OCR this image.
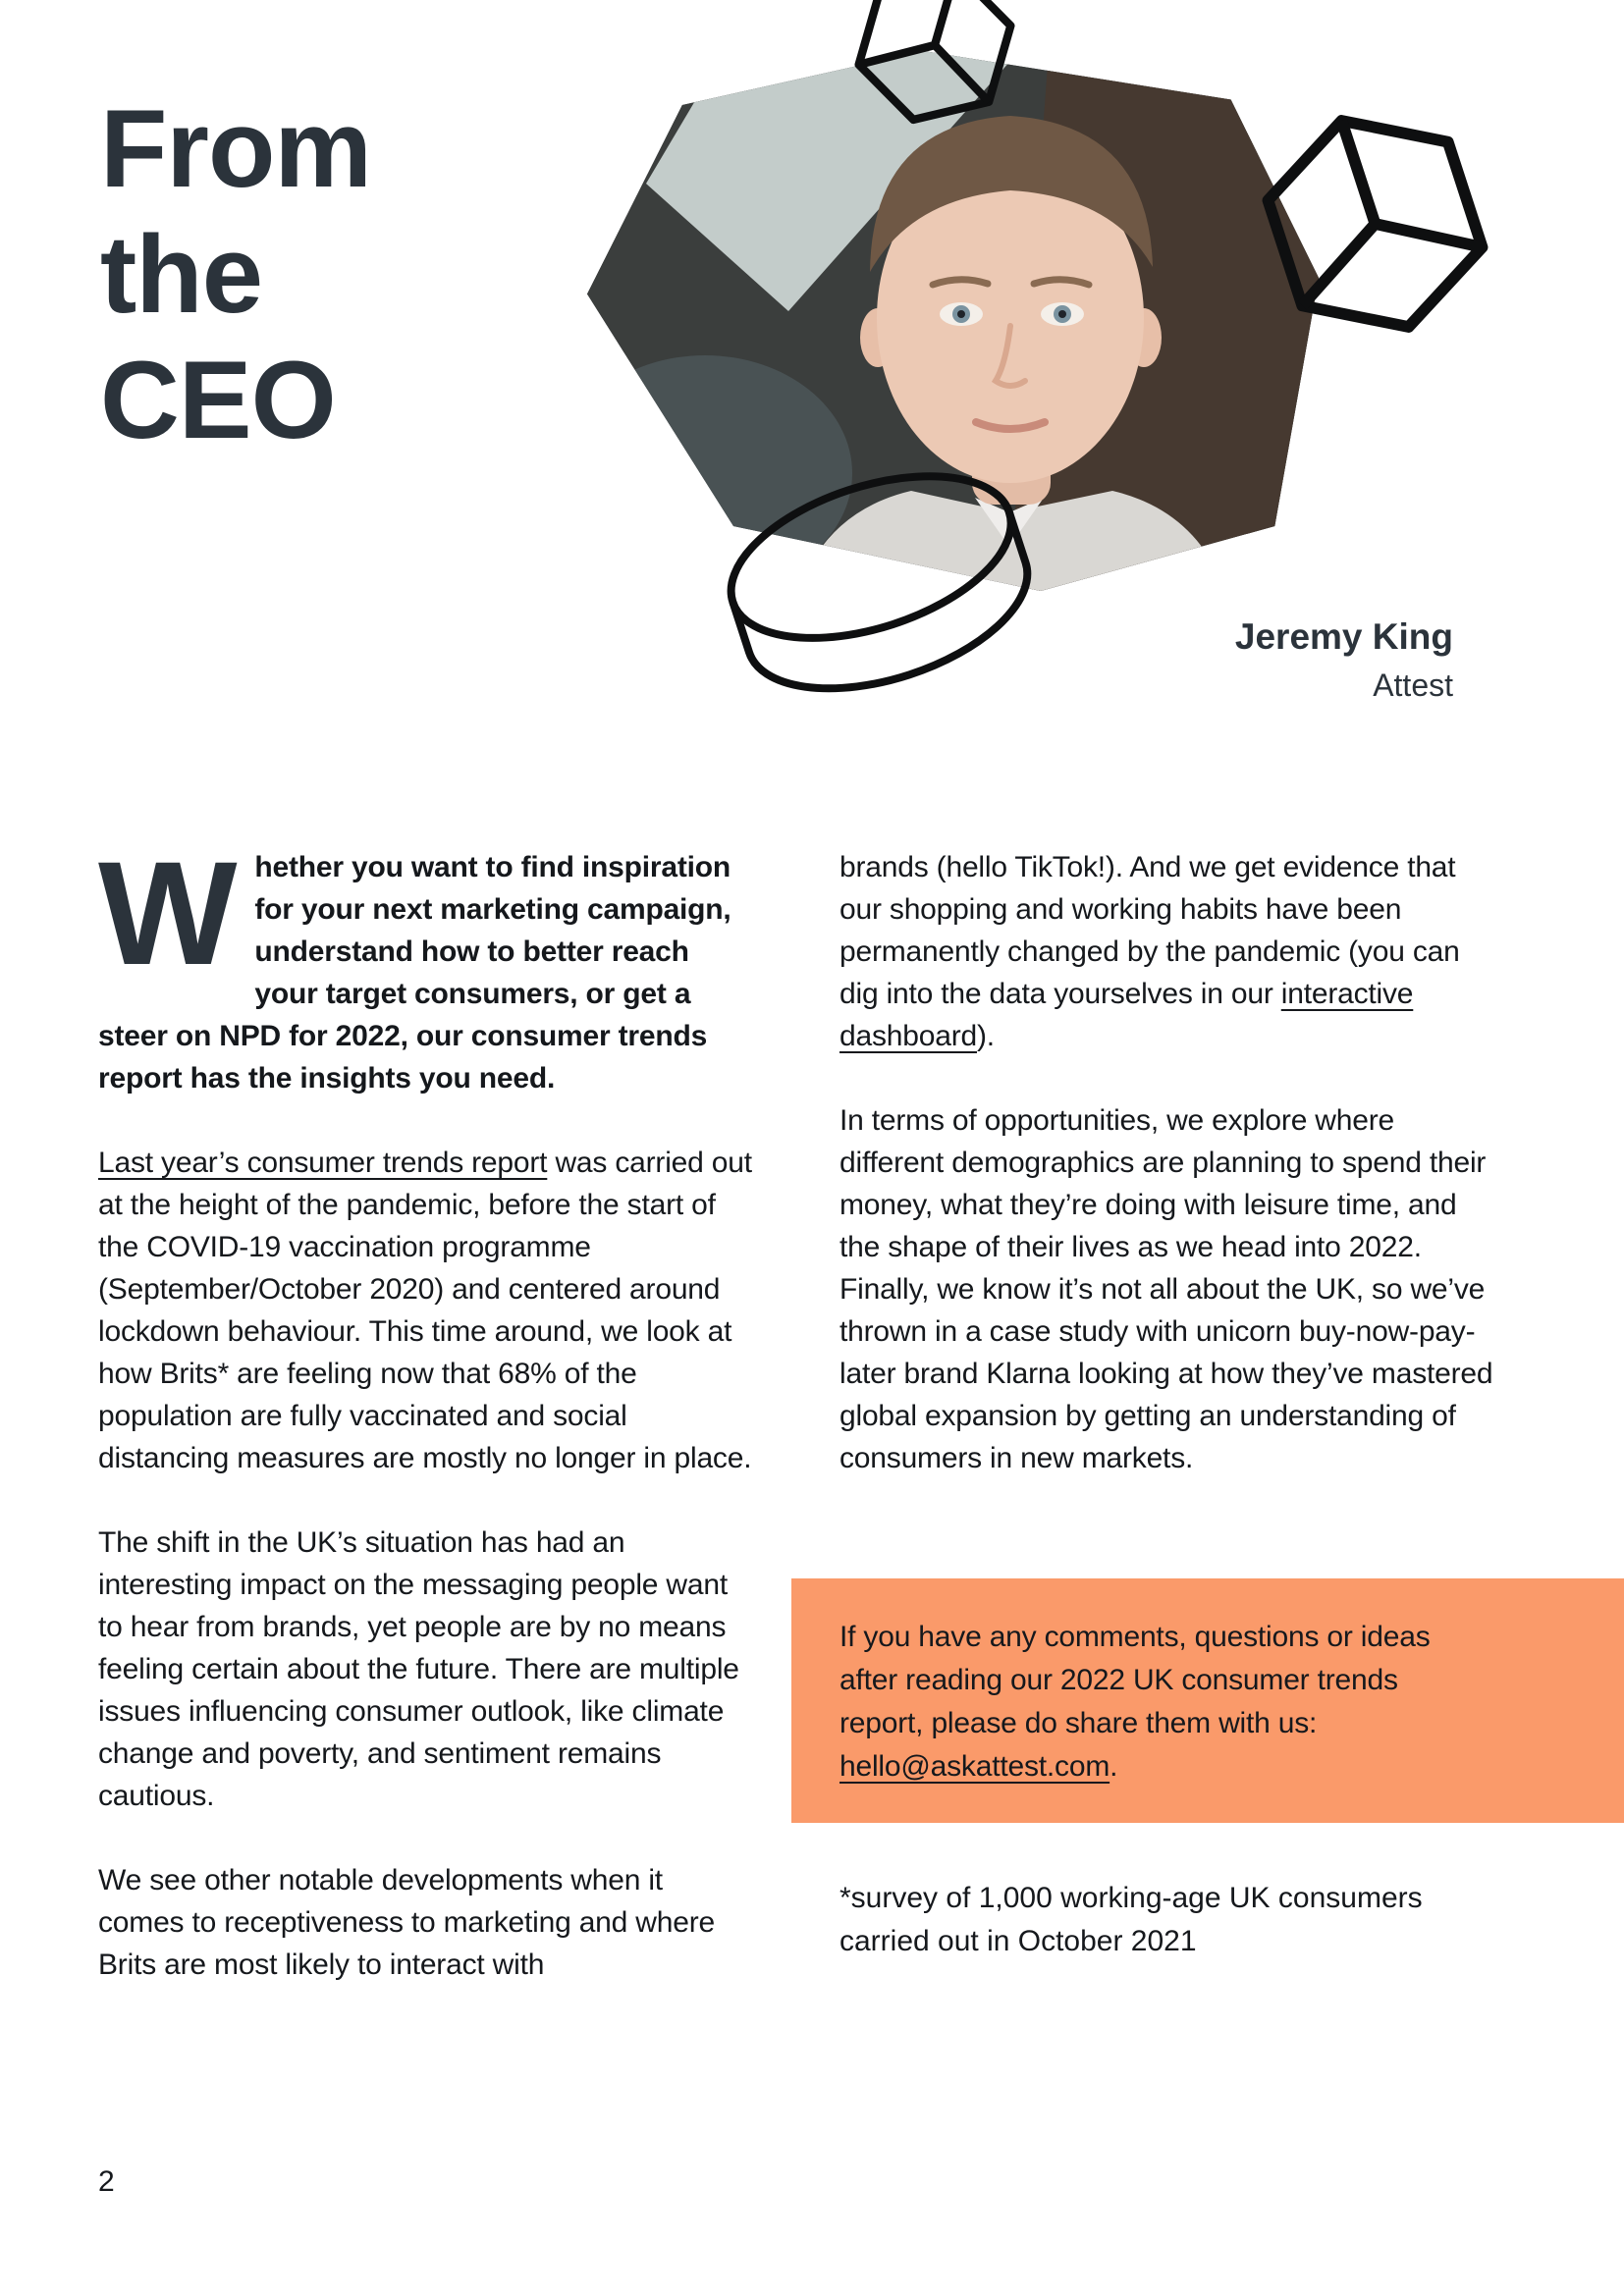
From
the
CEO
Jeremy King
Attest

Whether you want to find inspiration for your next marketing campaign, understand how to better reach your target consumers, or get a steer on NPD for 2022, our consumer trends report has the insights you need.

Last year’s consumer trends report was carried out at the height of the pandemic, before the start of the COVID-19 vaccination programme (September/October 2020) and centered around lockdown behaviour. This time around, we look at how Brits* are feeling now that 68% of the population are fully vaccinated and social distancing measures are mostly no longer in place.

The shift in the UK’s situation has had an interesting impact on the messaging people want to hear from brands, yet people are by no means feeling certain about the future. There are multiple issues influencing consumer outlook, like climate change and poverty, and sentiment remains cautious.

We see other notable developments when it comes to receptiveness to marketing and where Brits are most likely to interact with

brands (hello TikTok!). And we get evidence that our shopping and working habits have been permanently changed by the pandemic (you can dig into the data yourselves in our interactive dashboard).

In terms of opportunities, we explore where different demographics are planning to spend their money, what they’re doing with leisure time, and the shape of their lives as we head into 2022. Finally, we know it’s not all about the UK, so we’ve thrown in a case study with unicorn buy-now-pay-later brand Klarna looking at how they’ve mastered global expansion by getting an understanding of consumers in new markets.

If you have any comments, questions or ideas after reading our 2022 UK consumer trends report, please do share them with us: hello@askattest.com.

*survey of 1,000 working-age UK consumers carried out in October 2021

2
